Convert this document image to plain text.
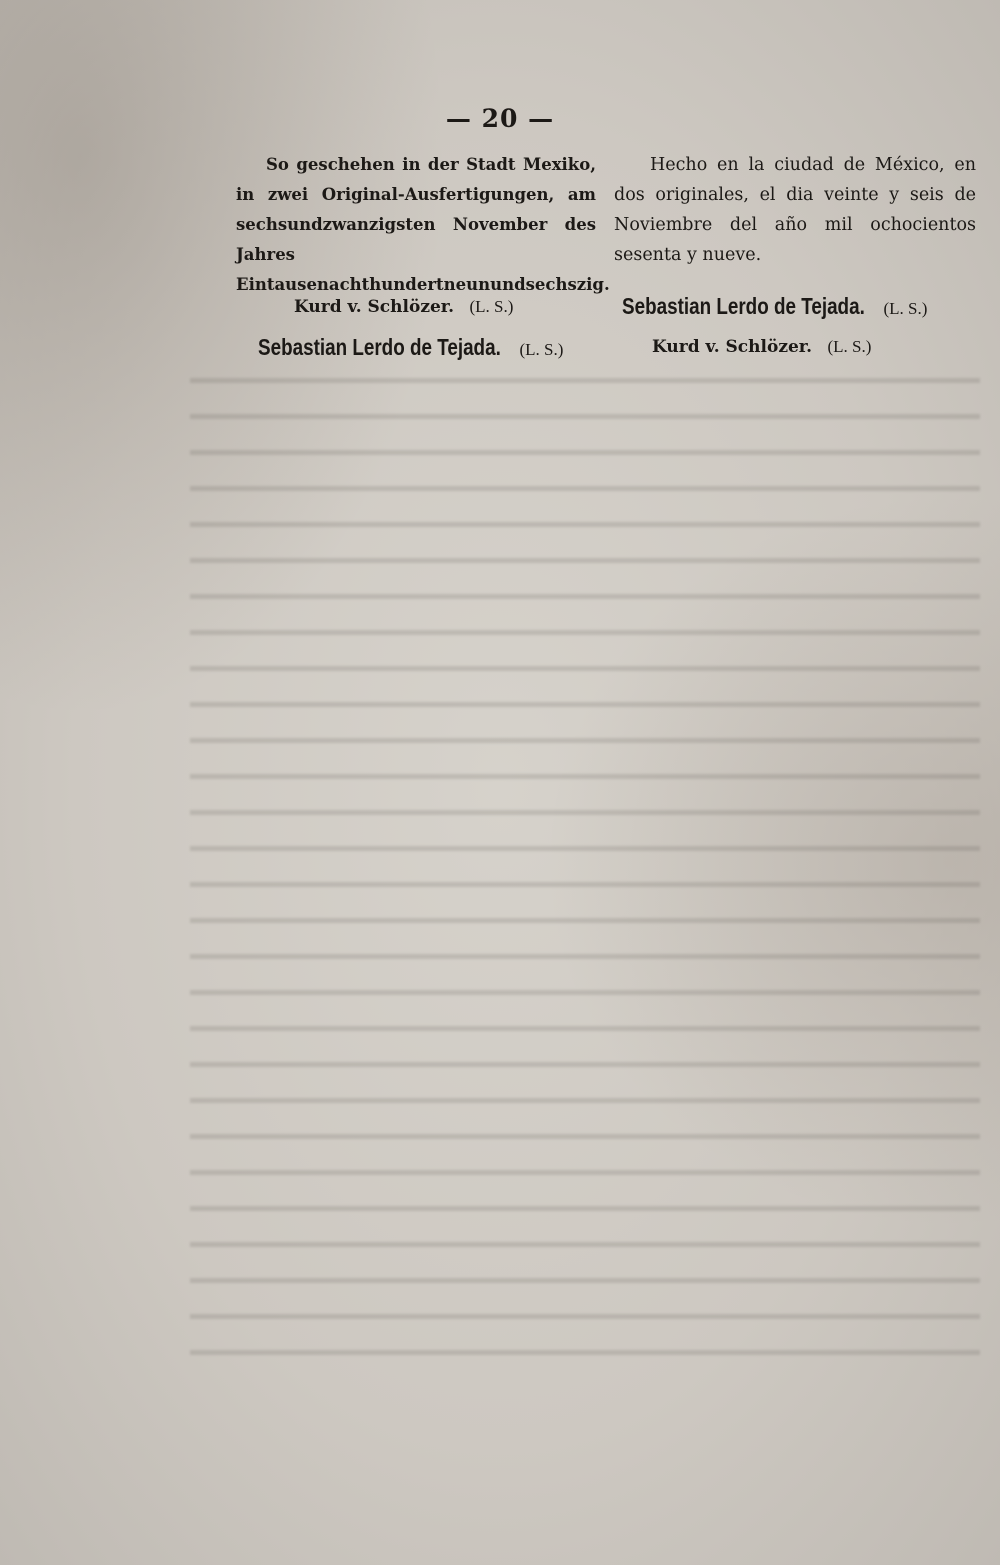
— 20 —

So geschehen in der Stadt Mexiko, in zwei Original-Ausfertigungen, am sechsundzwanzigsten November des Jahres Eintausenachthundertneunundsechszig.

Hecho en la ciudad de México, en dos originales, el dia veinte y seis de Noviembre del año mil ochocientos sesenta y nueve.

Kurd v. Schlözer. (L. S.)
Sebastian Lerdo de Tejada. (L. S.)
Sebastian Lerdo de Tejada. (L. S.)
Kurd v. Schlözer. (L. S.)
